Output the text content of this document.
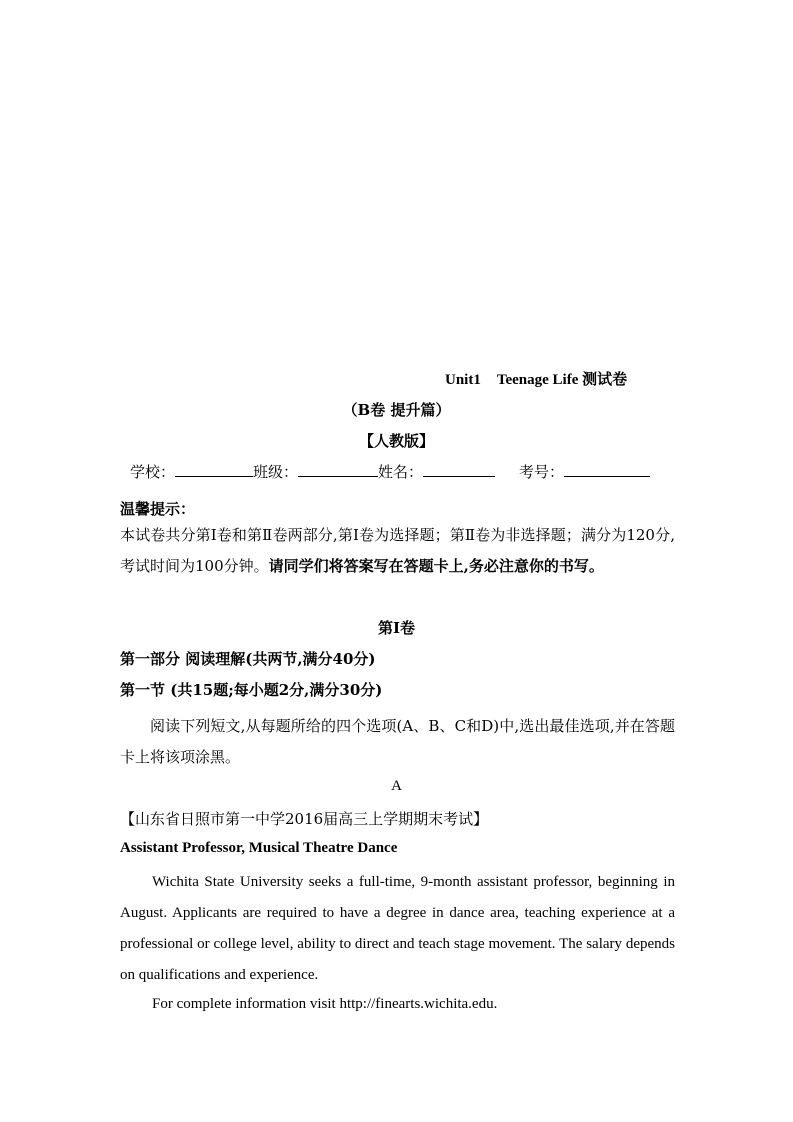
Unit1 Teenage Life 测试卷
（B卷 提升篇）
【人教版】
学校：	班级：	姓名：	考号：
温馨提示：
本试卷共分第Ⅰ卷和第Ⅱ卷两部分,第Ⅰ卷为选择题；第Ⅱ卷为非选择题；满分为120分,考试时间为100分钟。请同学们将答案写在答题卡上,务必注意你的书写。
第Ⅰ卷
第一部分 阅读理解(共两节,满分40分)
第一节 (共15题;每小题2分,满分30分)
阅读下列短文,从每题所给的四个选项(A、B、C和D)中,选出最佳选项,并在答题卡上将该项涂黑。
A
【山东省日照市第一中学2016届高三上学期期末考试】
Assistant Professor, Musical Theatre Dance
Wichita State University seeks a full-time, 9-month assistant professor, beginning in August. Applicants are required to have a degree in dance area, teaching experience at a professional or college level, ability to direct and teach stage movement. The salary depends on qualifications and experience.
For complete information visit http://finearts.wichita.edu.
